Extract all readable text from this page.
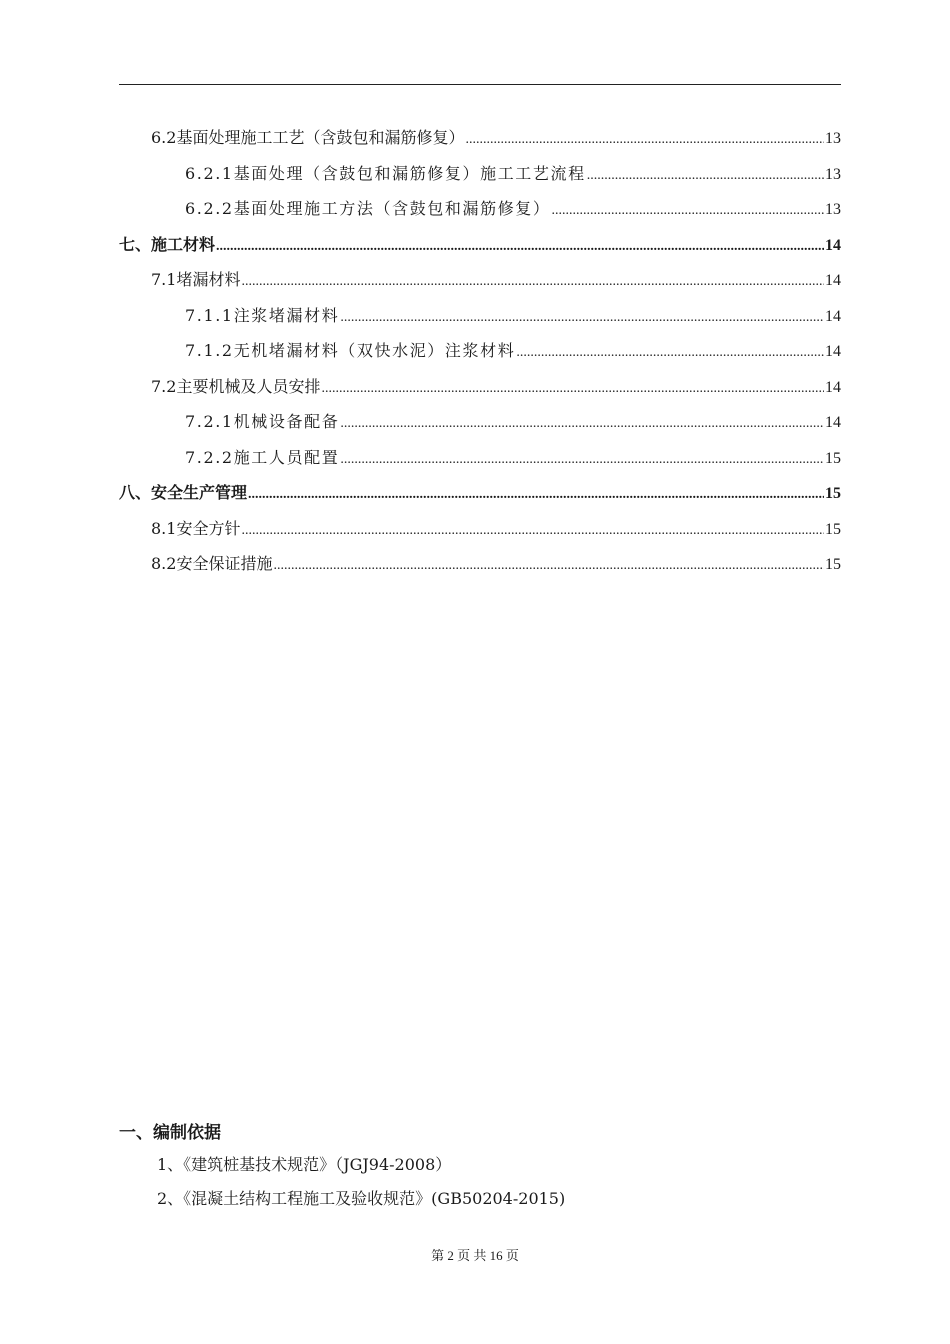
6.2基面处理施工工艺（含鼓包和漏筋修复） .....	13
6.2.1基面处理（含鼓包和漏筋修复）施工工艺流程 .....	13
6.2.2基面处理施工方法（含鼓包和漏筋修复） .....	13
七、施工材料 .....	14
7.1堵漏材料 .....	14
7.1.1注浆堵漏材料 .....	14
7.1.2无机堵漏材料（双快水泥）注浆材料 .....	14
7.2主要机械及人员安排 .....	14
7.2.1机械设备配备 .....	14
7.2.2施工人员配置 .....	15
八、安全生产管理 .....	15
8.1安全方针 .....	15
8.2安全保证措施 .....	15
一、编制依据
1、《建筑桩基技术规范》（JGJ94-2008）
2、《混凝土结构工程施工及验收规范》(GB50204-2015)
第 2 页 共 16 页
